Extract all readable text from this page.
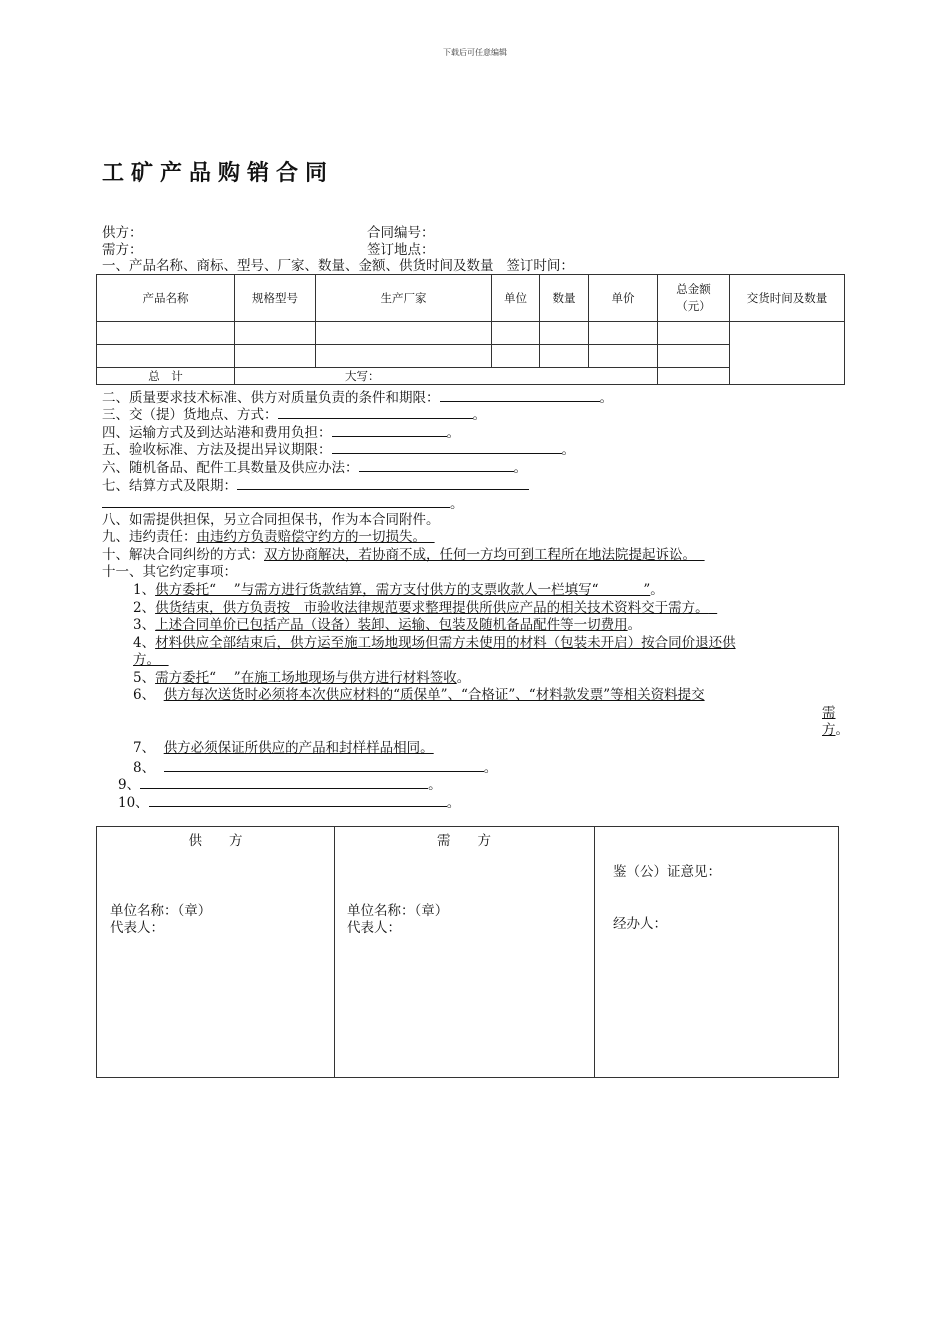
下载后可任意编辑
工矿产品购销合同
供方：	合同编号：
需方：	签订地点：
一、产品名称、商标、型号、厂家、数量、金额、供货时间及数量 签订时间：
产品名称	规格型号	生产厂家	单位	数量	单价	总金额（元）	交货时间及数量

总　计	大写：						
二、质量要求技术标准、供方对质量负责的条件和期限：	。
三、交（提）货地点、方式：	。
四、运输方式及到达站港和费用负担：	。
五、验收标准、方法及提出异议期限：	。
六、随机备品、配件工具数量及供应办法：	。
七、结算方式及限期：
。
八、如需提供担保，另立合同担保书，作为本合同附件。
九、违约责任：由违约方负责赔偿守约方的一切损失。
十、解决合同纠纷的方式：双方协商解决，若协商不成，任何一方均可到工程所在地法院提起诉讼。
十一、其它约定事项：
1、供方委托“　 ”与需方进行货款结算，需方支付供方的支票收款人一栏填写“　　　 ”。
2、供货结束，供方负责按　市验收法律规范要求整理提供所供应产品的相关技术资料交于需方。
3、上述合同单价已包括产品（设备）装卸、运输、包装及随机备品配件等一切费用。
4、材料供应全部结束后，供方运至施工场地现场但需方未使用的材料（包装未开启）按合同价退还供
方。
5、需方委托“　 ”在施工场地现场与供方进行材料签收。
6、 供方每次送货时必须将本次供应材料的“质保单”、“合格证”、“材料款发票”等相关资料提交
需
方。
7、 供方必须保证所供应的产品和封样样品相同。
8、	。
9、	。
10、	。
供　　方
单位名称：（章）
代表人：
需　　方
单位名称：（章）
代表人：
鉴（公）证意见：
经办人：
